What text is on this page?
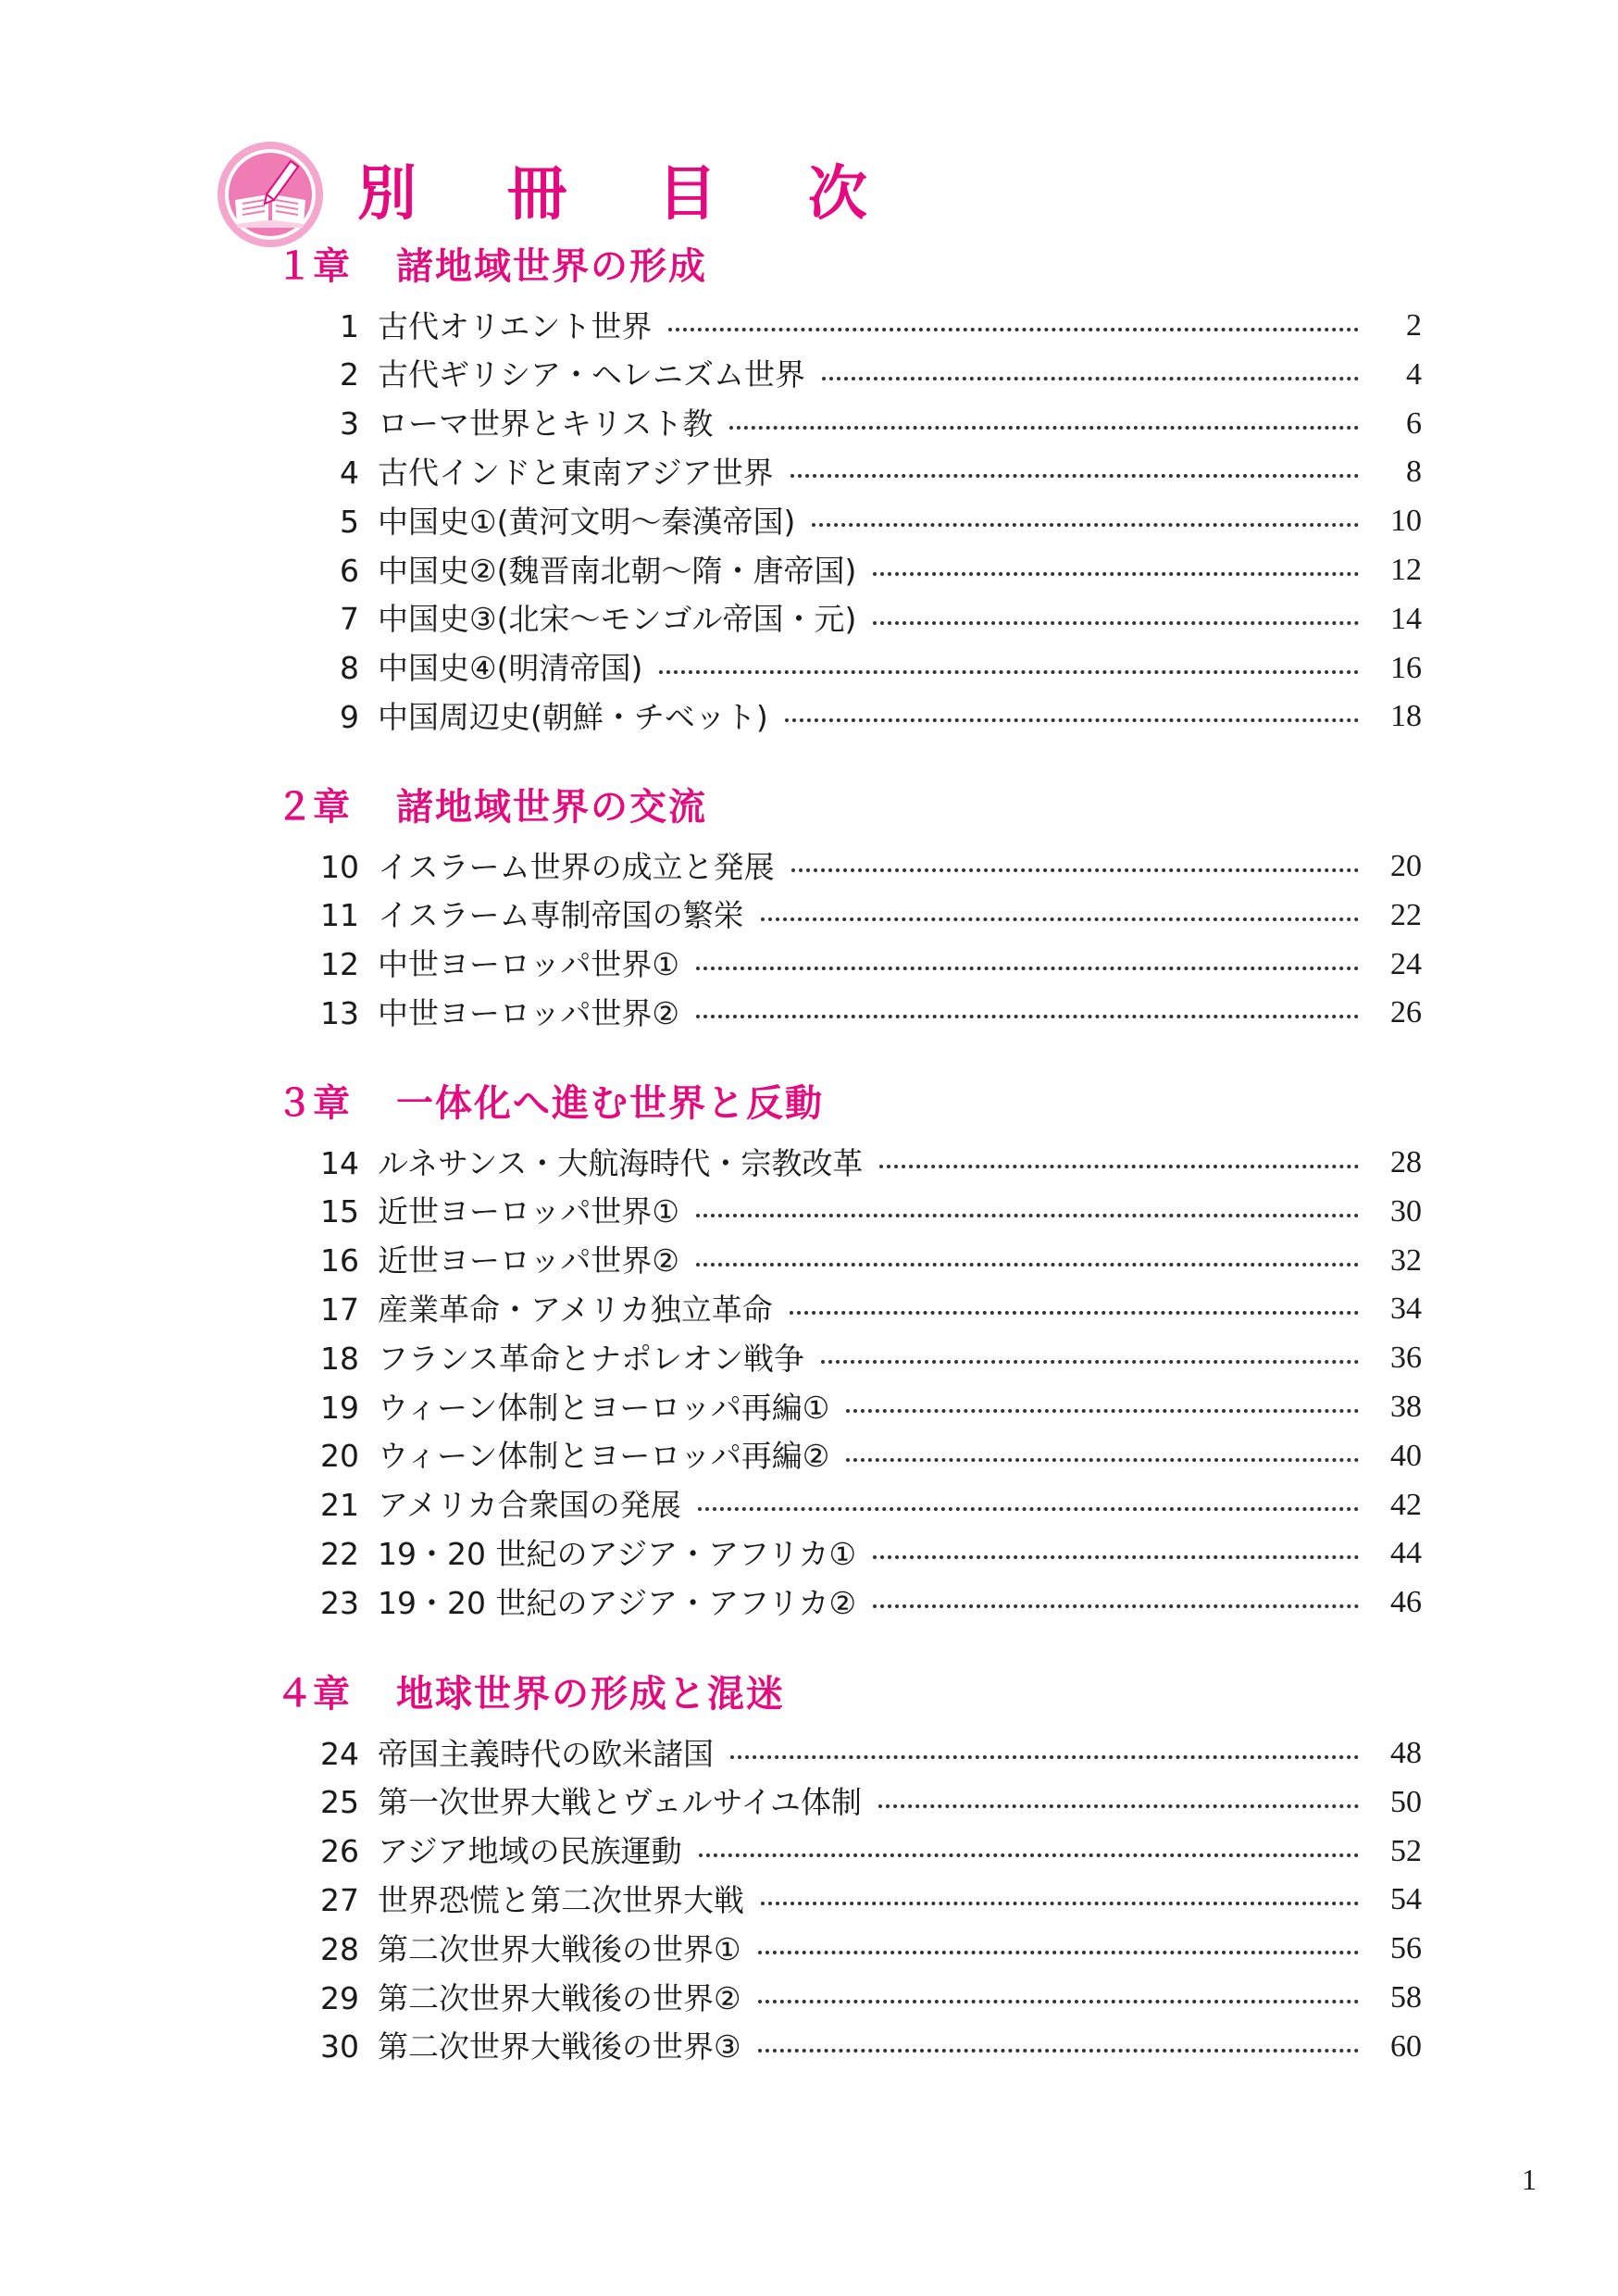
別 冊 目 次
１章	諸地域世界の形成
1 古代オリエント世界	2
2 古代ギリシア・ヘレニズム世界	4
3 ローマ世界とキリスト教	6
4 古代インドと東南アジア世界	8
5 中国史①(黄河文明〜秦漢帝国)	10
6 中国史②(魏晋南北朝〜隋・唐帝国)	12
7 中国史③(北宋〜モンゴル帝国・元)	14
8 中国史④(明清帝国)	16
9 中国周辺史(朝鮮・チベット)	18
２章	諸地域世界の交流
10 イスラーム世界の成立と発展	20
11 イスラーム専制帝国の繁栄	22
12 中世ヨーロッパ世界①	24
13 中世ヨーロッパ世界②	26
３章	一体化へ進む世界と反動
14 ルネサンス・大航海時代・宗教改革	28
15 近世ヨーロッパ世界①	30
16 近世ヨーロッパ世界②	32
17 産業革命・アメリカ独立革命	34
18 フランス革命とナポレオン戦争	36
19 ウィーン体制とヨーロッパ再編①	38
20 ウィーン体制とヨーロッパ再編②	40
21 アメリカ合衆国の発展	42
22 19・20 世紀のアジア・アフリカ①	44
23 19・20 世紀のアジア・アフリカ②	46
４章	地球世界の形成と混迷
24 帝国主義時代の欧米諸国	48
25 第一次世界大戦とヴェルサイユ体制	50
26 アジア地域の民族運動	52
27 世界恐慌と第二次世界大戦	54
28 第二次世界大戦後の世界①	56
29 第二次世界大戦後の世界②	58
30 第二次世界大戦後の世界③	60
1
